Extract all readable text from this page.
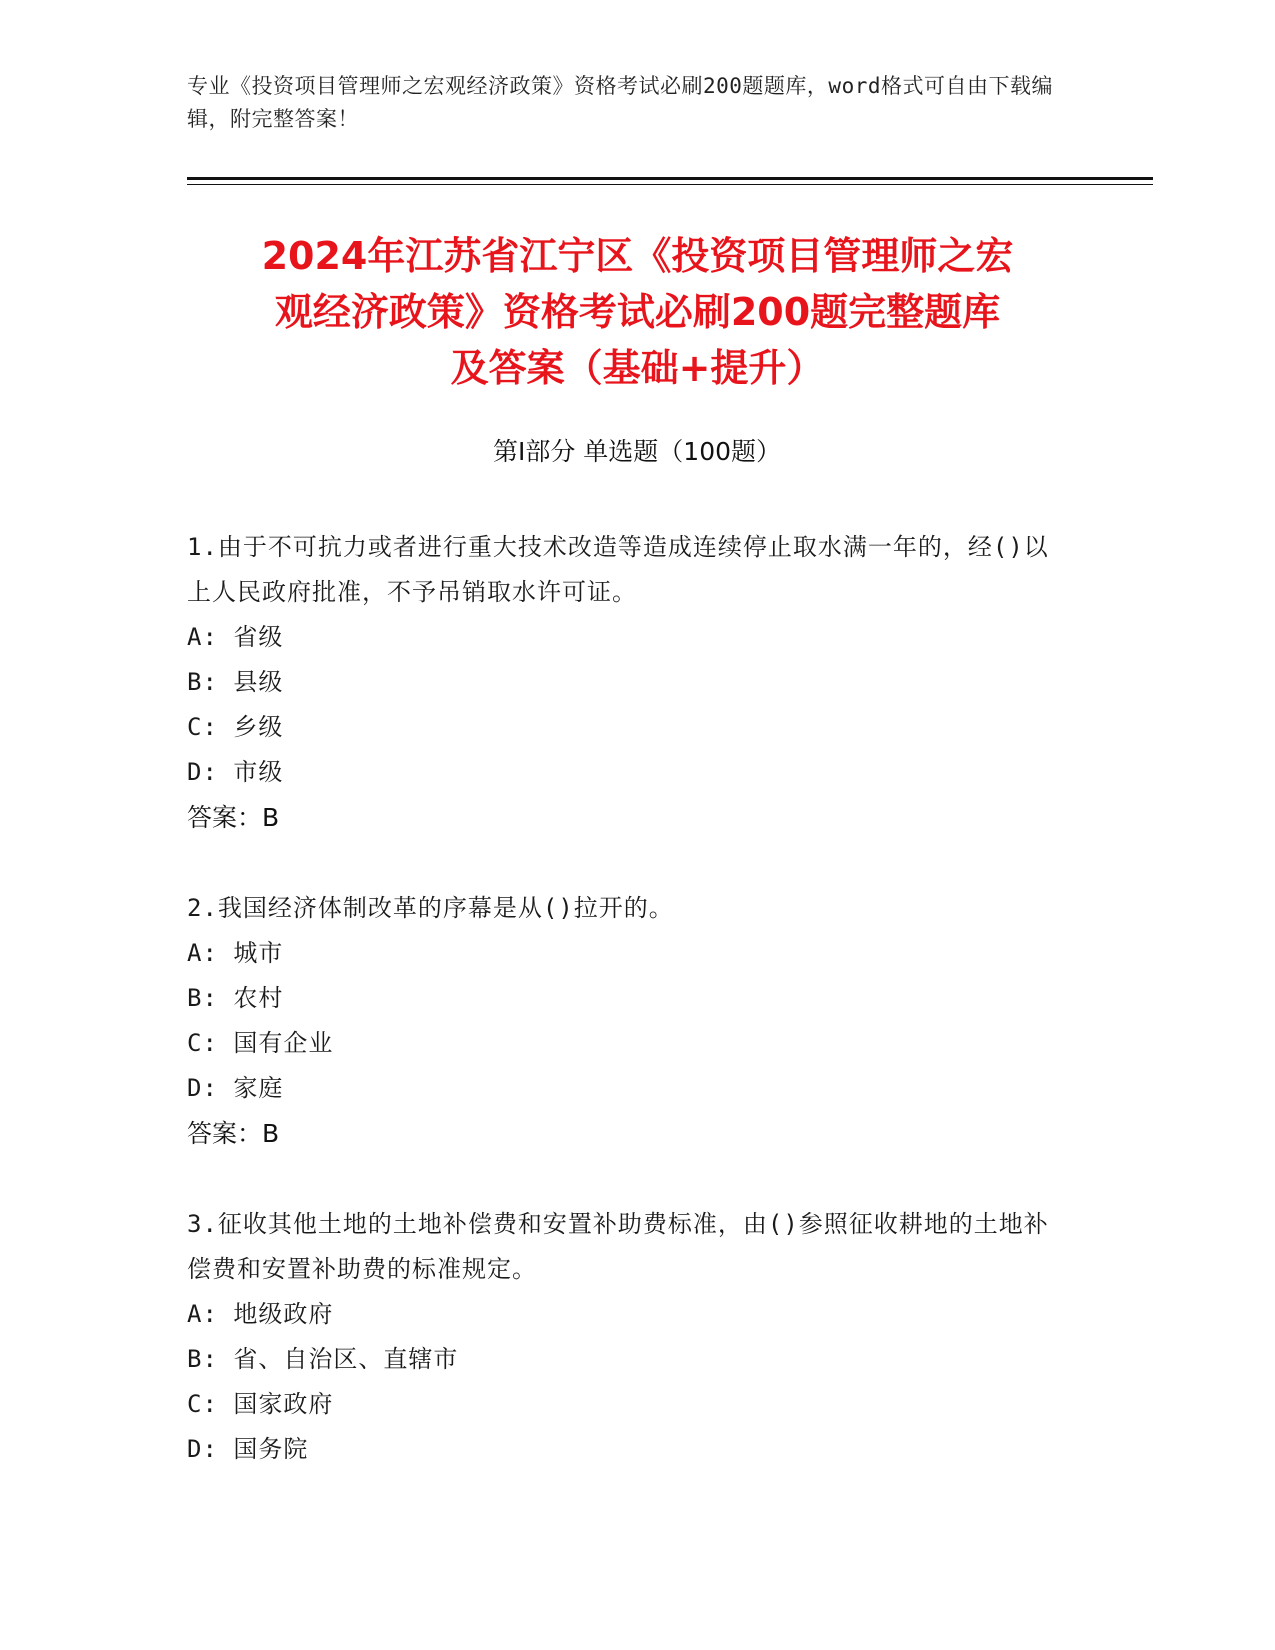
专业《投资项目管理师之宏观经济政策》资格考试必刷200题题库，word格式可自由下载编辑，附完整答案！
2024年江苏省江宁区《投资项目管理师之宏
观经济政策》资格考试必刷200题完整题库
及答案（基础+提升）
第I部分 单选题（100题）
1.由于不可抗力或者进行重大技术改造等造成连续停止取水满一年的，经()以上人民政府批准，不予吊销取水许可证。
A: 省级
B: 县级
C: 乡级
D: 市级
答案：B
2.我国经济体制改革的序幕是从()拉开的。
A: 城市
B: 农村
C: 国有企业
D: 家庭
答案：B
3.征收其他土地的土地补偿费和安置补助费标准，由()参照征收耕地的土地补偿费和安置补助费的标准规定。
A: 地级政府
B: 省、自治区、直辖市
C: 国家政府
D: 国务院
